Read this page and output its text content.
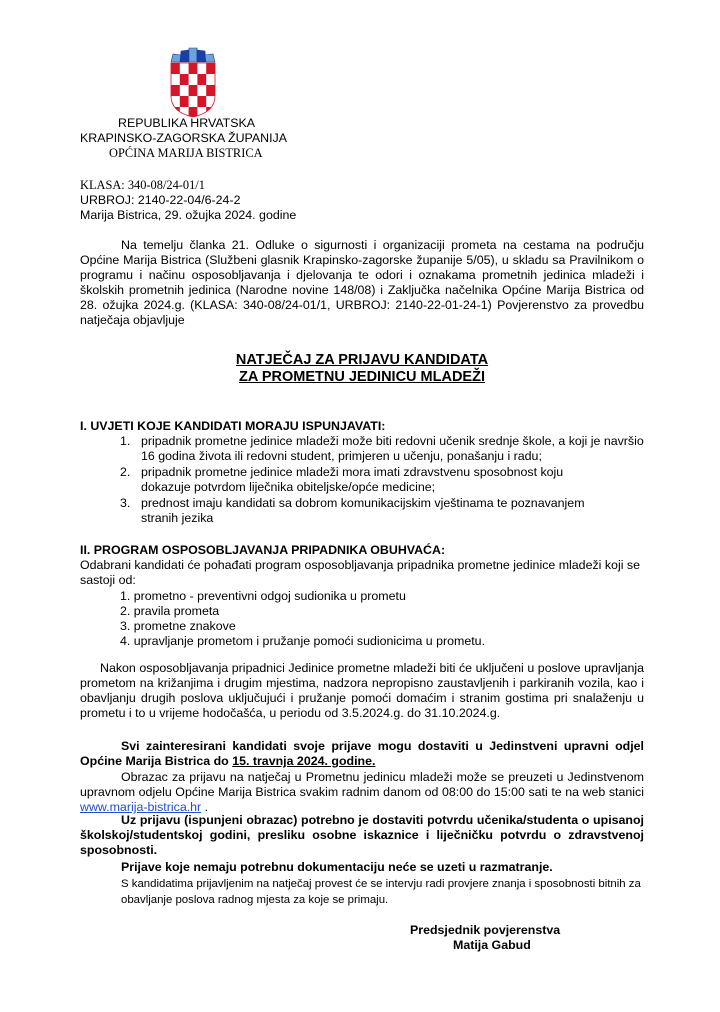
REPUBLIKA HRVATSKA
KRAPINSKO-ZAGORSKA ŽUPANIJA
OPĆINA MARIJA BISTRICA
KLASA: 340-08/24-01/1
URBROJ: 2140-22-04/6-24-2
Marija Bistrica, 29. ožujka 2024. godine
Na temelju članka 21. Odluke o sigurnosti i organizaciji prometa na cestama na području Općine Marija Bistrica (Službeni glasnik Krapinsko-zagorske županije 5/05), u skladu sa Pravilnikom o programu i načinu osposobljavanja i djelovanja te odori i oznakama prometnih jedinica mladeži i školskih prometnih jedinica (Narodne novine 148/08) i Zaključka načelnika Općine Marija Bistrica od 28. ožujka 2024.g. (KLASA: 340-08/24-01/1, URBROJ: 2140-22-01-24-1) Povjerenstvo za provedbu natječaja objavljuje
NATJEČAJ ZA PRIJAVU KANDIDATA
ZA PROMETNU JEDINICU MLADEŽI
I. UVJETI KOJE KANDIDATI MORAJU ISPUNJAVATI:
1. pripadnik prometne jedinice mladeži može biti redovni učenik srednje škole, a koji je navršio 16 godina života ili redovni student, primjeren u učenju, ponašanju i radu;
2. pripadnik prometne jedinice mladeži mora imati zdravstvenu sposobnost koju dokazuje potvrdom liječnika obiteljske/opće medicine;
3. prednost imaju kandidati sa dobrom komunikacijskim vještinama te poznavanjem stranih jezika
II. PROGRAM OSPOSOBLJAVANJA PRIPADNIKA OBUHVAĆA:
Odabrani kandidati će pohađati program osposobljavanja pripadnika prometne jedinice mladeži koji se sastoji od:
1. prometno - preventivni odgoj sudionika u prometu
2. pravila prometa
3. prometne znakove
4. upravljanje prometom i pružanje pomoći sudionicima u prometu.
Nakon osposobljavanja pripadnici Jedinice prometne mladeži biti će uključeni u poslove upravljanja prometom na križanjima i drugim mjestima, nadzora nepropisno zaustavljenih i parkiranih vozila, kao i obavljanju drugih poslova uključujući i pružanje pomoći domaćim i stranim gostima pri snalaženju u prometu i to u vrijeme hodočašća, u periodu od 3.5.2024.g. do 31.10.2024.g.
Svi zainteresirani kandidati svoje prijave mogu dostaviti u Jedinstveni upravni odjel Općine Marija Bistrica do 15. travnja 2024. godine.
Obrazac za prijavu na natječaj u Prometnu jedinicu mladeži može se preuzeti u Jedinstvenom upravnom odjelu Općine Marija Bistrica svakim radnim danom od 08:00 do 15:00 sati te na web stanici www.marija-bistrica.hr .
Uz prijavu (ispunjeni obrazac) potrebno je dostaviti potvrdu učenika/studenta o upisanoj školskoj/studentskoj godini, presliku osobne iskaznice i liječničku potvrdu o zdravstvenoj sposobnosti.
Prijave koje nemaju potrebnu dokumentaciju neće se uzeti u razmatranje.
S kandidatima prijavljenim na natječaj provest će se intervju radi provjere znanja i sposobnosti bitnih za obavljanje poslova radnog mjesta za koje se primaju.
Predsjednik povjerenstva
Matija Gabud
